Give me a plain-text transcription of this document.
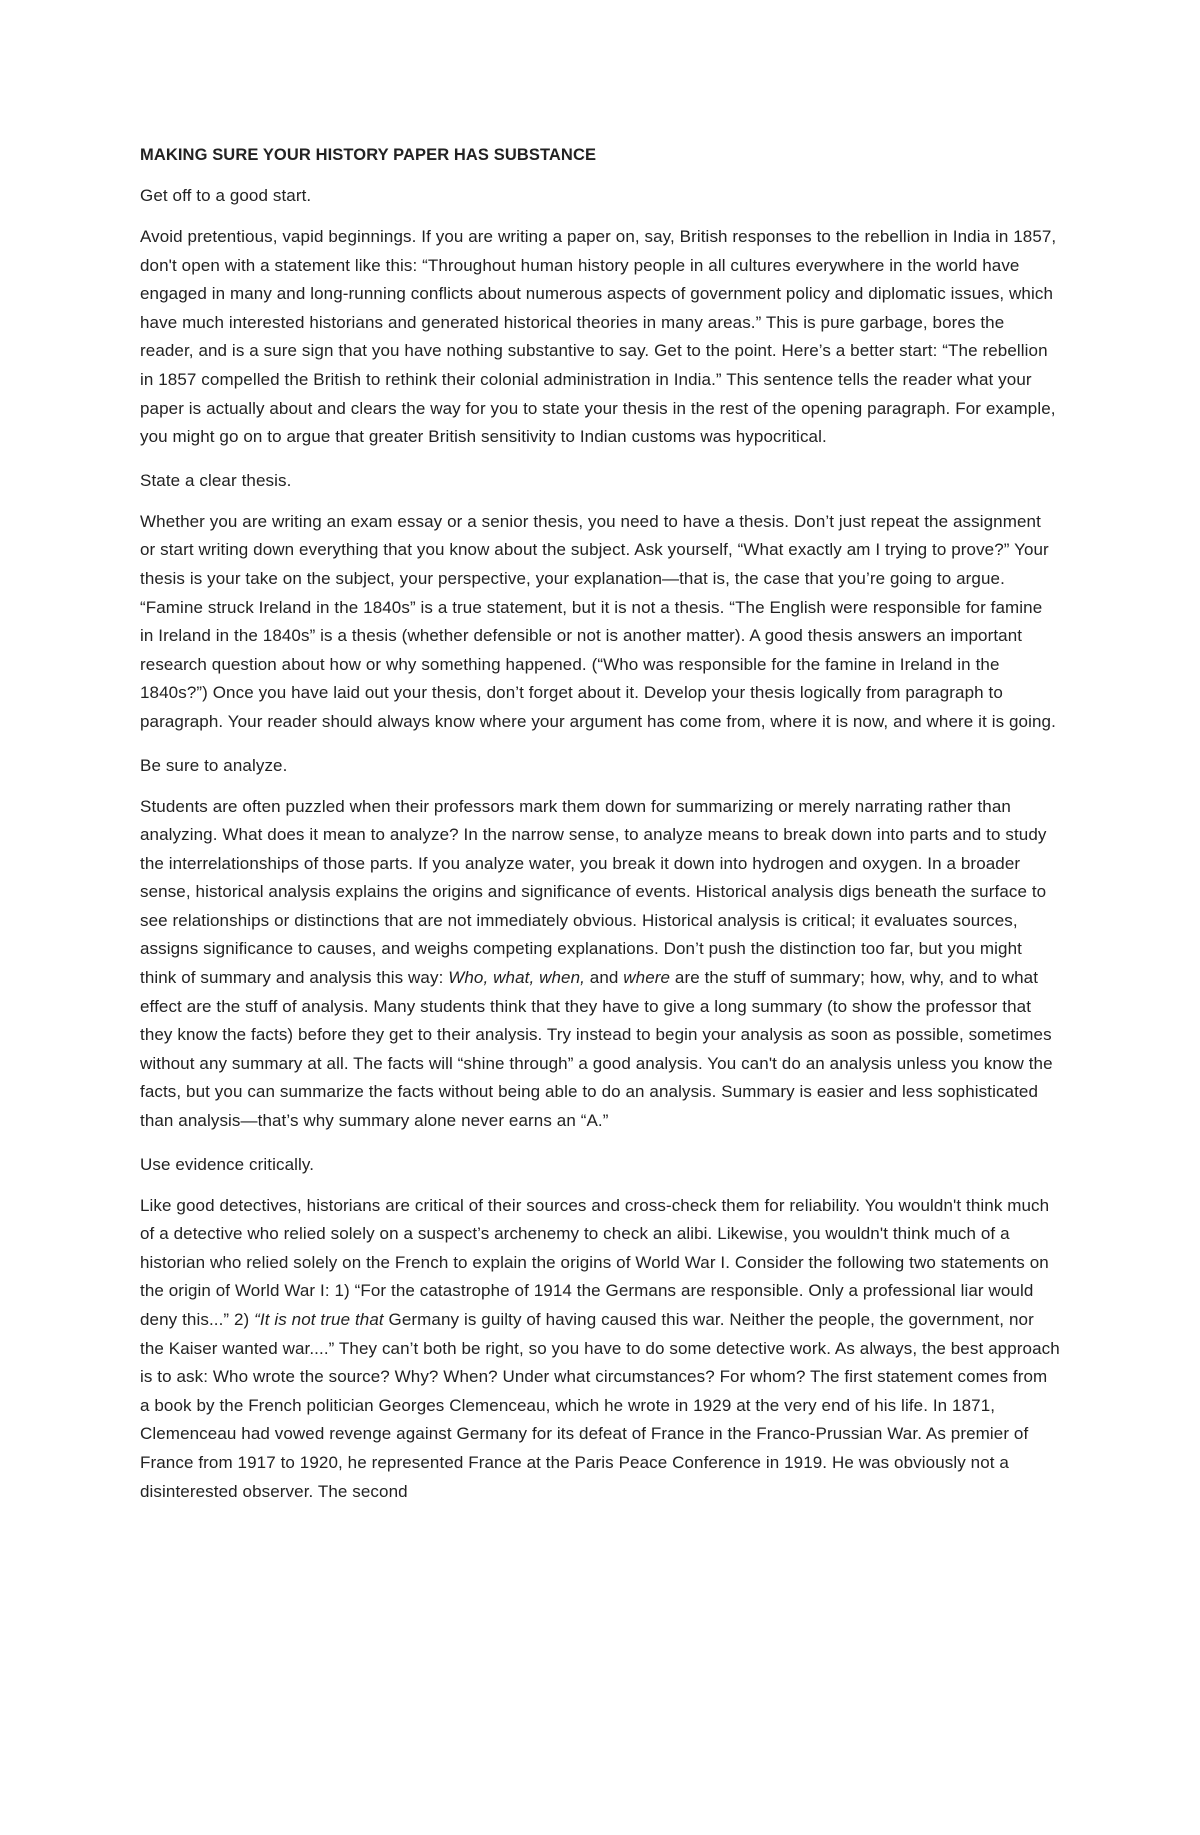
MAKING SURE YOUR HISTORY PAPER HAS SUBSTANCE
Get off to a good start.
Avoid pretentious, vapid beginnings. If you are writing a paper on, say, British responses to the rebellion in India in 1857, don't open with a statement like this: “Throughout human history people in all cultures everywhere in the world have engaged in many and long-running conflicts about numerous aspects of government policy and diplomatic issues, which have much interested historians and generated historical theories in many areas.” This is pure garbage, bores the reader, and is a sure sign that you have nothing substantive to say. Get to the point. Here’s a better start: “The rebellion in 1857 compelled the British to rethink their colonial administration in India.” This sentence tells the reader what your paper is actually about and clears the way for you to state your thesis in the rest of the opening paragraph. For example, you might go on to argue that greater British sensitivity to Indian customs was hypocritical.
State a clear thesis.
Whether you are writing an exam essay or a senior thesis, you need to have a thesis. Don’t just repeat the assignment or start writing down everything that you know about the subject. Ask yourself, “What exactly am I trying to prove?” Your thesis is your take on the subject, your perspective, your explanation—that is, the case that you’re going to argue. “Famine struck Ireland in the 1840s” is a true statement, but it is not a thesis. “The English were responsible for famine in Ireland in the 1840s” is a thesis (whether defensible or not is another matter). A good thesis answers an important research question about how or why something happened. (“Who was responsible for the famine in Ireland in the 1840s?”) Once you have laid out your thesis, don’t forget about it. Develop your thesis logically from paragraph to paragraph. Your reader should always know where your argument has come from, where it is now, and where it is going.
Be sure to analyze.
Students are often puzzled when their professors mark them down for summarizing or merely narrating rather than analyzing. What does it mean to analyze? In the narrow sense, to analyze means to break down into parts and to study the interrelationships of those parts. If you analyze water, you break it down into hydrogen and oxygen. In a broader sense, historical analysis explains the origins and significance of events. Historical analysis digs beneath the surface to see relationships or distinctions that are not immediately obvious. Historical analysis is critical; it evaluates sources, assigns significance to causes, and weighs competing explanations. Don’t push the distinction too far, but you might think of summary and analysis this way: Who, what, when, and where are the stuff of summary; how, why, and to what effect are the stuff of analysis. Many students think that they have to give a long summary (to show the professor that they know the facts) before they get to their analysis. Try instead to begin your analysis as soon as possible, sometimes without any summary at all. The facts will “shine through” a good analysis. You can't do an analysis unless you know the facts, but you can summarize the facts without being able to do an analysis. Summary is easier and less sophisticated than analysis—that’s why summary alone never earns an “A.”
Use evidence critically.
Like good detectives, historians are critical of their sources and cross-check them for reliability. You wouldn't think much of a detective who relied solely on a suspect’s archenemy to check an alibi. Likewise, you wouldn't think much of a historian who relied solely on the French to explain the origins of World War I. Consider the following two statements on the origin of World War I: 1) “For the catastrophe of 1914 the Germans are responsible. Only a professional liar would deny this...” 2) “It is not true that Germany is guilty of having caused this war. Neither the people, the government, nor the Kaiser wanted war....” They can’t both be right, so you have to do some detective work. As always, the best approach is to ask: Who wrote the source? Why? When? Under what circumstances? For whom? The first statement comes from a book by the French politician Georges Clemenceau, which he wrote in 1929 at the very end of his life. In 1871, Clemenceau had vowed revenge against Germany for its defeat of France in the Franco-Prussian War. As premier of France from 1917 to 1920, he represented France at the Paris Peace Conference in 1919. He was obviously not a disinterested observer. The second
